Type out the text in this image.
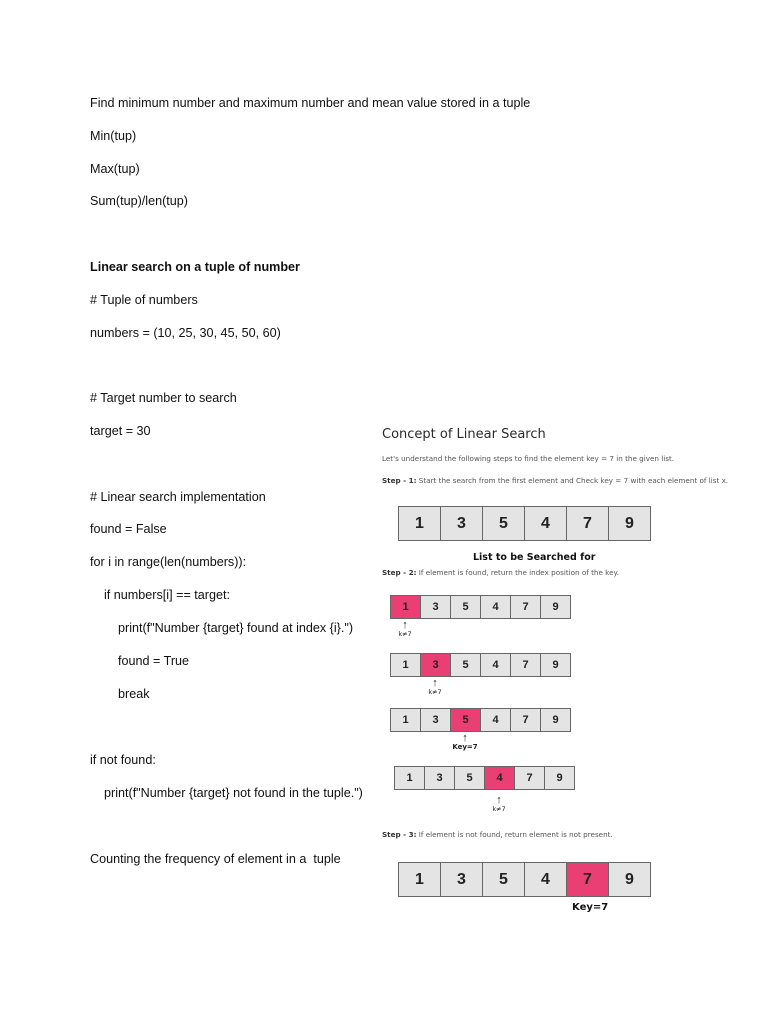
Find minimum number and maximum number and mean value stored in a tuple
Min(tup)
Max(tup)
Sum(tup)/len(tup)
Linear search on a tuple of number
# Tuple of numbers
numbers = (10, 25, 30, 45, 50, 60)
# Target number to search
target = 30
# Linear search implementation
found = False
for i in range(len(numbers)):
if numbers[i] == target:
print(f"Number {target} found at index {i}.")
found = True
break
if not found:
print(f"Number {target} not found in the tuple.")
Counting the frequency of element in a  tuple
Concept of Linear Search
Let's understand the following steps to find the element key = 7 in the given list.
Step - 1: Start the search from the first element and Check key = 7 with each element of list x.
1	3	5	4	7	9
List to be Searched for
Step - 2: If element is found, return the index position of the key.
1	3	5	4	7	9
↑
k≠7
1	3	5	4	7	9
↑
k≠7
1	3	5	4	7	9
↑
Key=7
1	3	5	4	7	9
↑
k≠7
Step - 3: If element is not found, return element is not present.
1	3	5	4	7	9
Key=7
